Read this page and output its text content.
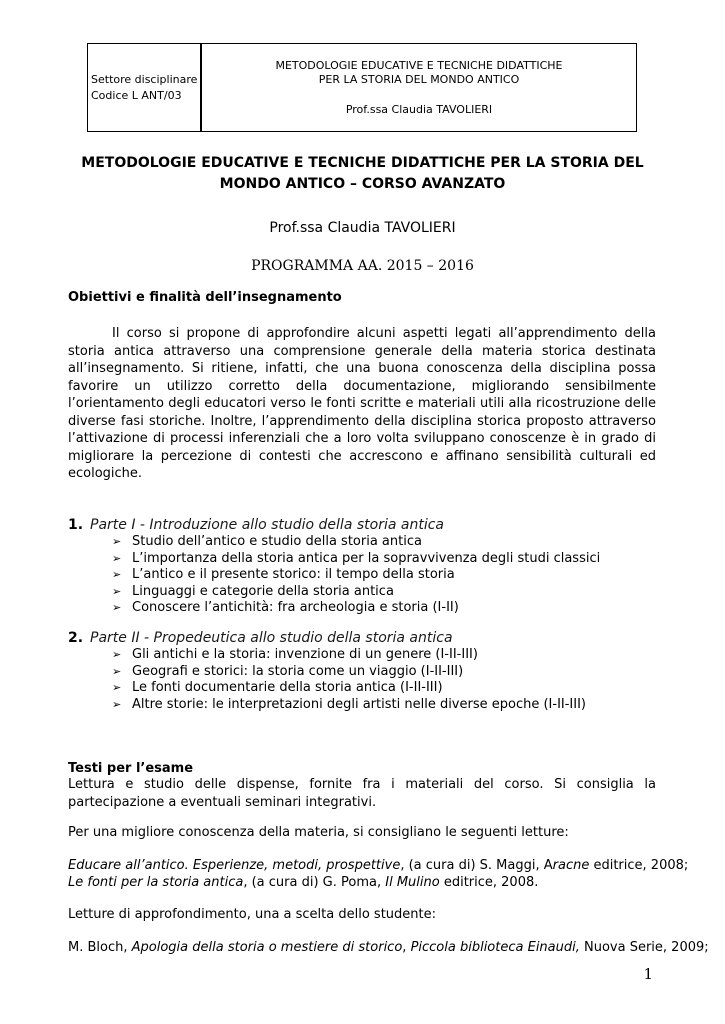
Settore disciplinare
Codice L ANT/03
METODOLOGIE EDUCATIVE E TECNICHE DIDATTICHE
PER LA STORIA DEL MONDO ANTICO
Prof.ssa Claudia TAVOLIERI
METODOLOGIE EDUCATIVE E TECNICHE DIDATTICHE PER LA STORIA DEL
MONDO ANTICO – CORSO AVANZATO
Prof.ssa Claudia TAVOLIERI
PROGRAMMA AA. 2015 – 2016
Obiettivi e finalità dell’insegnamento
Il corso si propone di approfondire alcuni aspetti legati all’apprendimento della storia antica attraverso una comprensione generale della materia storica destinata all’insegnamento. Si ritiene, infatti, che una buona conoscenza della disciplina possa favorire un utilizzo corretto della documentazione, migliorando sensibilmente l’orientamento degli educatori verso le fonti scritte e materiali utili alla ricostruzione delle diverse fasi storiche. Inoltre, l’apprendimento della disciplina storica proposto attraverso l’attivazione di processi inferenziali che a loro volta sviluppano conoscenze è in grado di migliorare la percezione di contesti che accrescono e affinano sensibilità culturali ed ecologiche.
1. Parte I - Introduzione allo studio della storia antica
➢ Studio dell’antico e studio della storia antica
➢ L’importanza della storia antica per la sopravvivenza degli studi classici
➢ L’antico e il presente storico: il tempo della storia
➢ Linguaggi e categorie della storia antica
➢ Conoscere l’antichità: fra archeologia e storia (I-II)
2. Parte II - Propedeutica allo studio della storia antica
➢ Gli antichi e la storia: invenzione di un genere (I-II-III)
➢ Geografi e storici: la storia come un viaggio (I-II-III)
➢ Le fonti documentarie della storia antica (I-II-III)
➢ Altre storie: le interpretazioni degli artisti nelle diverse epoche (I-II-III)
Testi per l’esame
Lettura e studio delle dispense, fornite fra i materiali del corso. Si consiglia la partecipazione a eventuali seminari integrativi.
Per una migliore conoscenza della materia, si consigliano le seguenti letture:
Educare all’antico. Esperienze, metodi, prospettive, (a cura di) S. Maggi, Aracne editrice, 2008;
Le fonti per la storia antica, (a cura di) G. Poma, Il Mulino editrice, 2008.
Letture di approfondimento, una a scelta dello studente:
M. Bloch, Apologia della storia o mestiere di storico, Piccola biblioteca Einaudi, Nuova Serie, 2009;
1
